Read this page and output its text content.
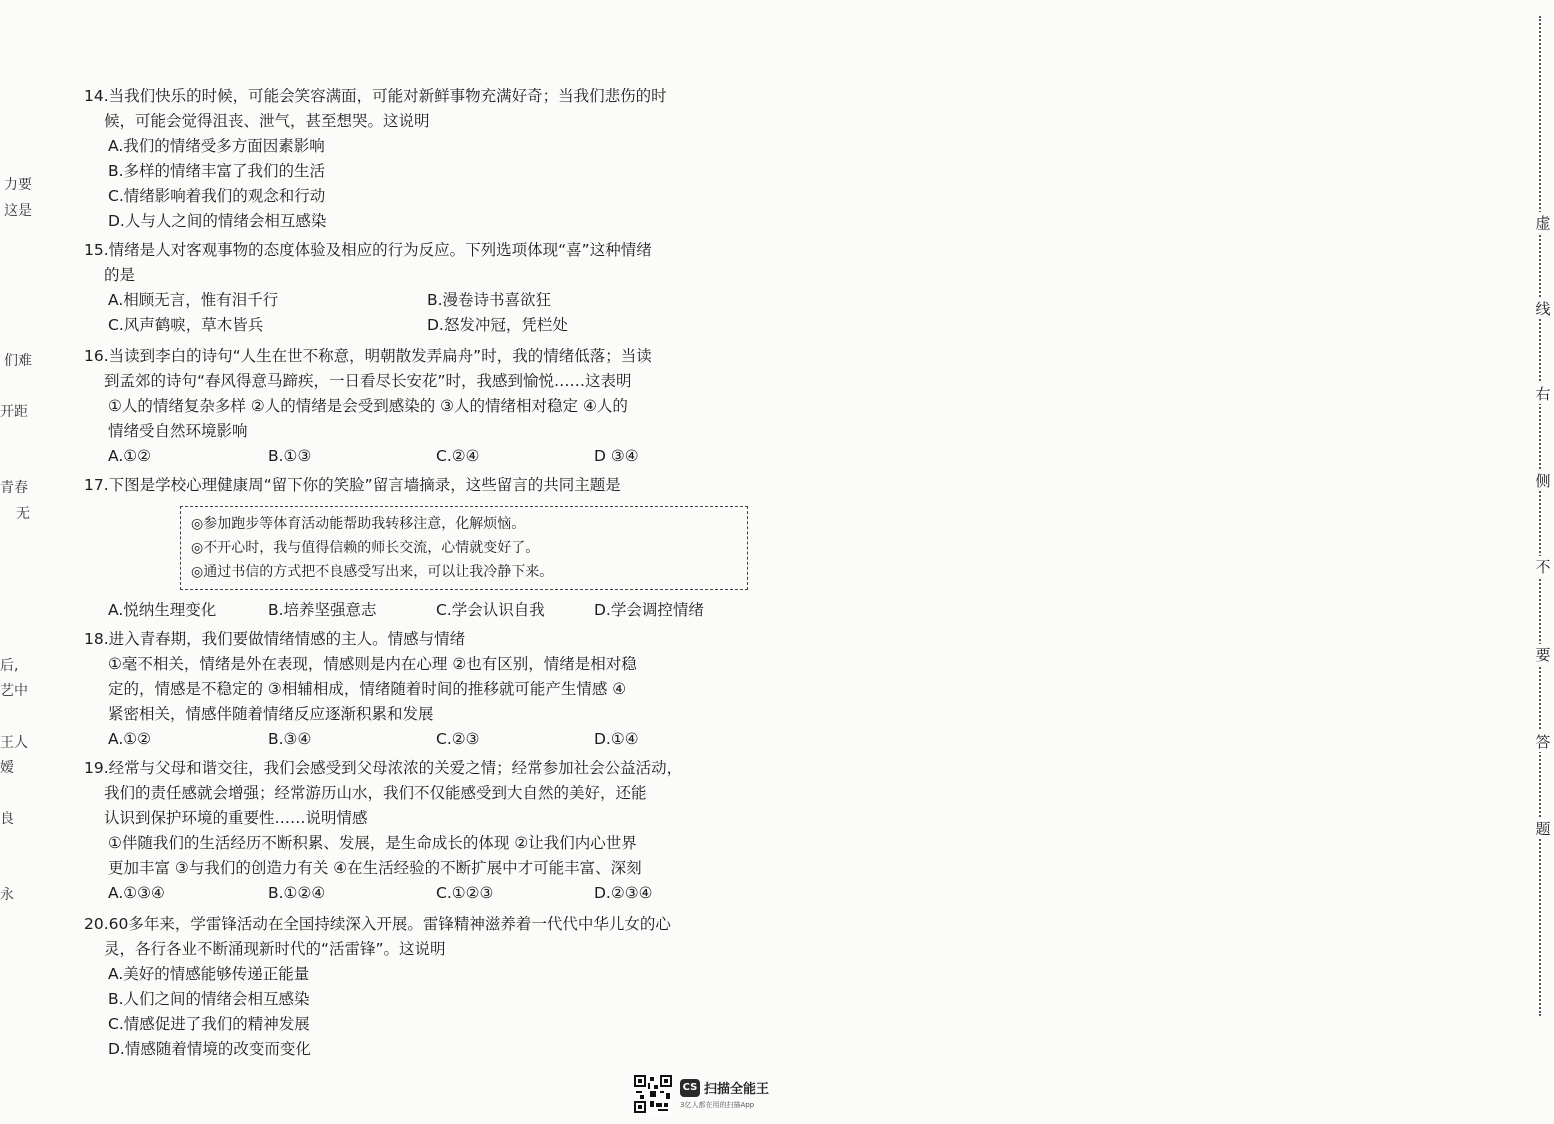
力要
这是
们难
开距
青春
无
后,
艺中
王人
嫒
良
永
虚
线
右
侧
不
要
答
题

14.当我们快乐的时候，可能会笑容满面，可能对新鲜事物充满好奇；当我们悲伤的时

候，可能会觉得沮丧、泄气，甚至想哭。这说明

A.我们的情绪受多方面因素影响

B.多样的情绪丰富了我们的生活

C.情绪影响着我们的观念和行动

D.人与人之间的情绪会相互感染

15.情绪是人对客观事物的态度体验及相应的行为反应。下列选项体现“喜”这种情绪

的是

A.相顾无言，惟有泪千行	B.漫卷诗书喜欲狂
C.风声鹤唳，草木皆兵	D.怒发冲冠，凭栏处

16.当读到李白的诗句“人生在世不称意，明朝散发弄扁舟”时，我的情绪低落；当读

到孟郊的诗句“春风得意马蹄疾，一日看尽长安花”时，我感到愉悦……这表明

①人的情绪复杂多样 ②人的情绪是会受到感染的 ③人的情绪相对稳定 ④人的

情绪受自然环境影响

A.①②	B.①③	C.②④	D ③④

17.下图是学校心理健康周“留下你的笑脸”留言墙摘录，这些留言的共同主题是

◎参加跑步等体育活动能帮助我转移注意，化解烦恼。
◎不开心时，我与值得信赖的师长交流，心情就变好了。
◎通过书信的方式把不良感受写出来，可以让我冷静下来。
A.悦纳生理变化	B.培养坚强意志	C.学会认识自我	D.学会调控情绪

18.进入青春期，我们要做情绪情感的主人。情感与情绪

①毫不相关，情绪是外在表现，情感则是内在心理 ②也有区别，情绪是相对稳

定的，情感是不稳定的 ③相辅相成，情绪随着时间的推移就可能产生情感 ④

紧密相关，情感伴随着情绪反应逐渐积累和发展

A.①②	B.③④	C.②③	D.①④

19.经常与父母和谐交往，我们会感受到父母浓浓的关爱之情；经常参加社会公益活动，

我们的责任感就会增强；经常游历山水，我们不仅能感受到大自然的美好，还能

认识到保护环境的重要性……说明情感

①伴随我们的生活经历不断积累、发展，是生命成长的体现 ②让我们内心世界

更加丰富 ③与我们的创造力有关 ④在生活经验的不断扩展中才可能丰富、深刻

A.①③④	B.①②④	C.①②③	D.②③④

20.60多年来，学雷锋活动在全国持续深入开展。雷锋精神滋养着一代代中华儿女的心

灵，各行各业不断涌现新时代的“活雷锋”。这说明

A.美好的情感能够传递正能量

B.人们之间的情绪会相互感染

C.情感促进了我们的精神发展

D.情感随着情境的改变而变化

CS 扫描全能王
3亿人都在用的扫描App
